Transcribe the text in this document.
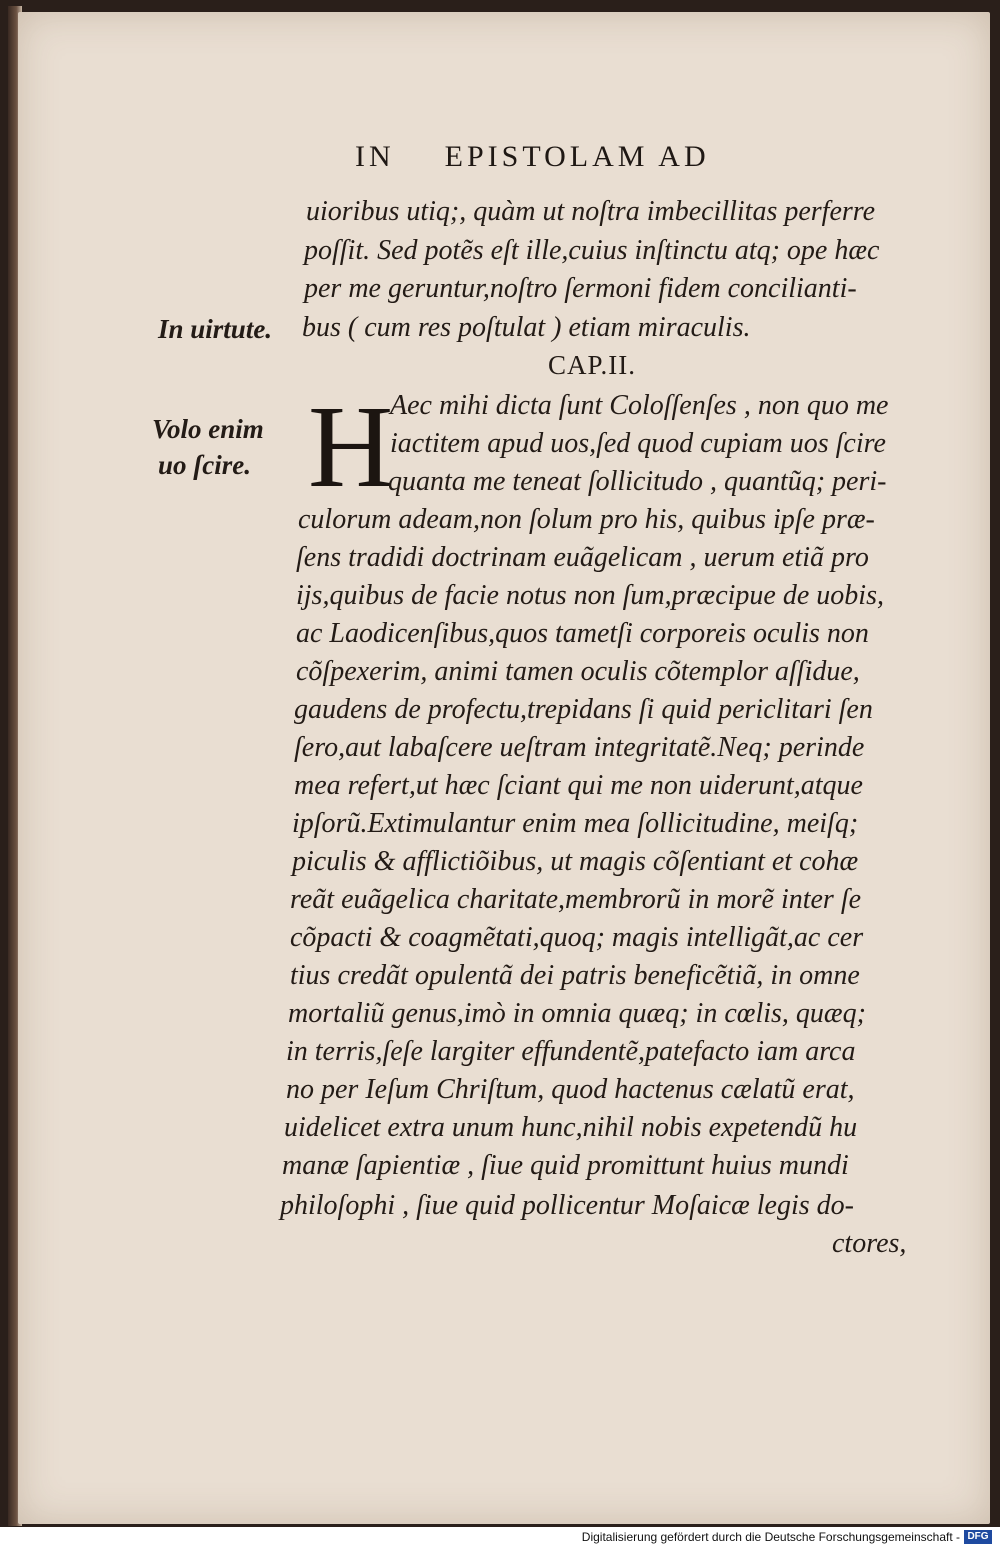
IN EPISTOLAM AD
In uirtute.
Volo enim
uo ſcire.
CAP.II.
H
uioribus utiq;, quàm ut noſtra imbecillitas perferre
poſſit. Sed potẽs eſt ille,cuius inſtinctu atq; ope hæc
per me geruntur,noſtro ſermoni fidem concilianti-
bus ( cum res poſtulat ) etiam miraculis.
Aec mihi dicta ſunt Coloſſenſes , non quo me
iactitem apud uos,ſed quod cupiam uos ſcire
quanta me teneat ſollicitudo , quantũq; peri-
culorum adeam,non ſolum pro his, quibus ipſe præ-
ſens tradidi doctrinam euãgelicam , uerum etiã pro
ijs,quibus de facie notus non ſum,præcipue de uobis,
ac Laodicenſibus,quos tametſi corporeis oculis non
cõſpexerim, animi tamen oculis cõtemplor aſſidue,
gaudens de profectu,trepidans ſi quid periclitari ſen
ſero,aut labaſcere ueſtram integritatẽ.Neq; perinde
mea refert,ut hæc ſciant qui me non uiderunt,atque
ipſorũ.Extimulantur enim mea ſollicitudine, meiſq;
piculis & afflictiõibus, ut magis cõſentiant et cohæ
reãt euãgelica charitate,membrorũ in morẽ inter ſe
cõpacti & coagmẽtati,quoq; magis intelligãt,ac cer
tius credãt opulentã dei patris beneficẽtiã, in omne
mortaliũ genus,imò in omnia quæq; in cœlis, quæq;
in terris,ſeſe largiter effundentẽ,patefacto iam arca
no per Ieſum Chriſtum, quod hactenus cælatũ erat,
uidelicet extra unum hunc,nihil nobis expetendũ hu
manæ ſapientiæ , ſiue quid promittunt huius mundi
philoſophi , ſiue quid pollicentur Moſaicæ legis do-
ctores,
Digitalisierung gefördert durch die Deutsche Forschungsgemeinschaft - DFG
